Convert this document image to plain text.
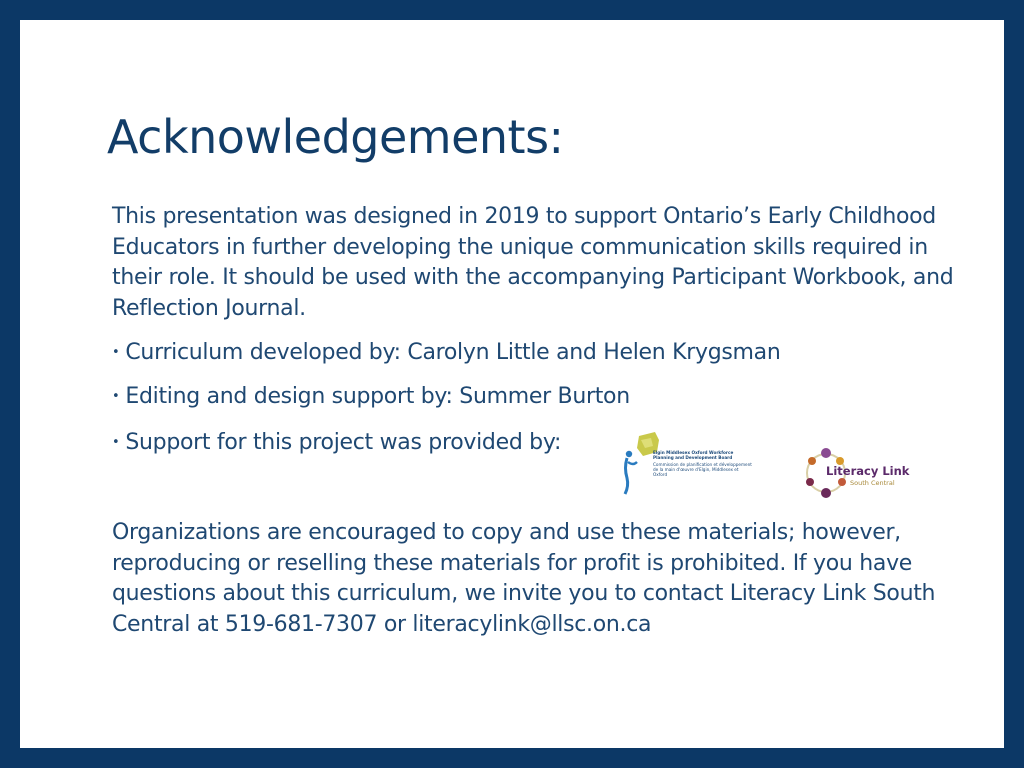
Acknowledgements:

This presentation was designed in 2019 to support Ontario’s Early Childhood Educators in further developing the unique communication skills required in their role. It should be used with the accompanying Participant Workbook, and Reflection Journal.

• Curriculum developed by: Carolyn Little and Helen Krygsman

• Editing and design support by: Summer Burton

• Support for this project was provided by:	Elgin Middlesex Oxford Workforce Planning and Development Board
Commission de planification et développement de la main d'œuvre d'Elgin, Middlesex et Oxford	Literacy Link
South Central

Organizations are encouraged to copy and use these materials; however, reproducing or reselling these materials for profit is prohibited. If you have questions about this curriculum, we invite you to contact Literacy Link South Central at 519-681-7307 or literacylink@llsc.on.ca
